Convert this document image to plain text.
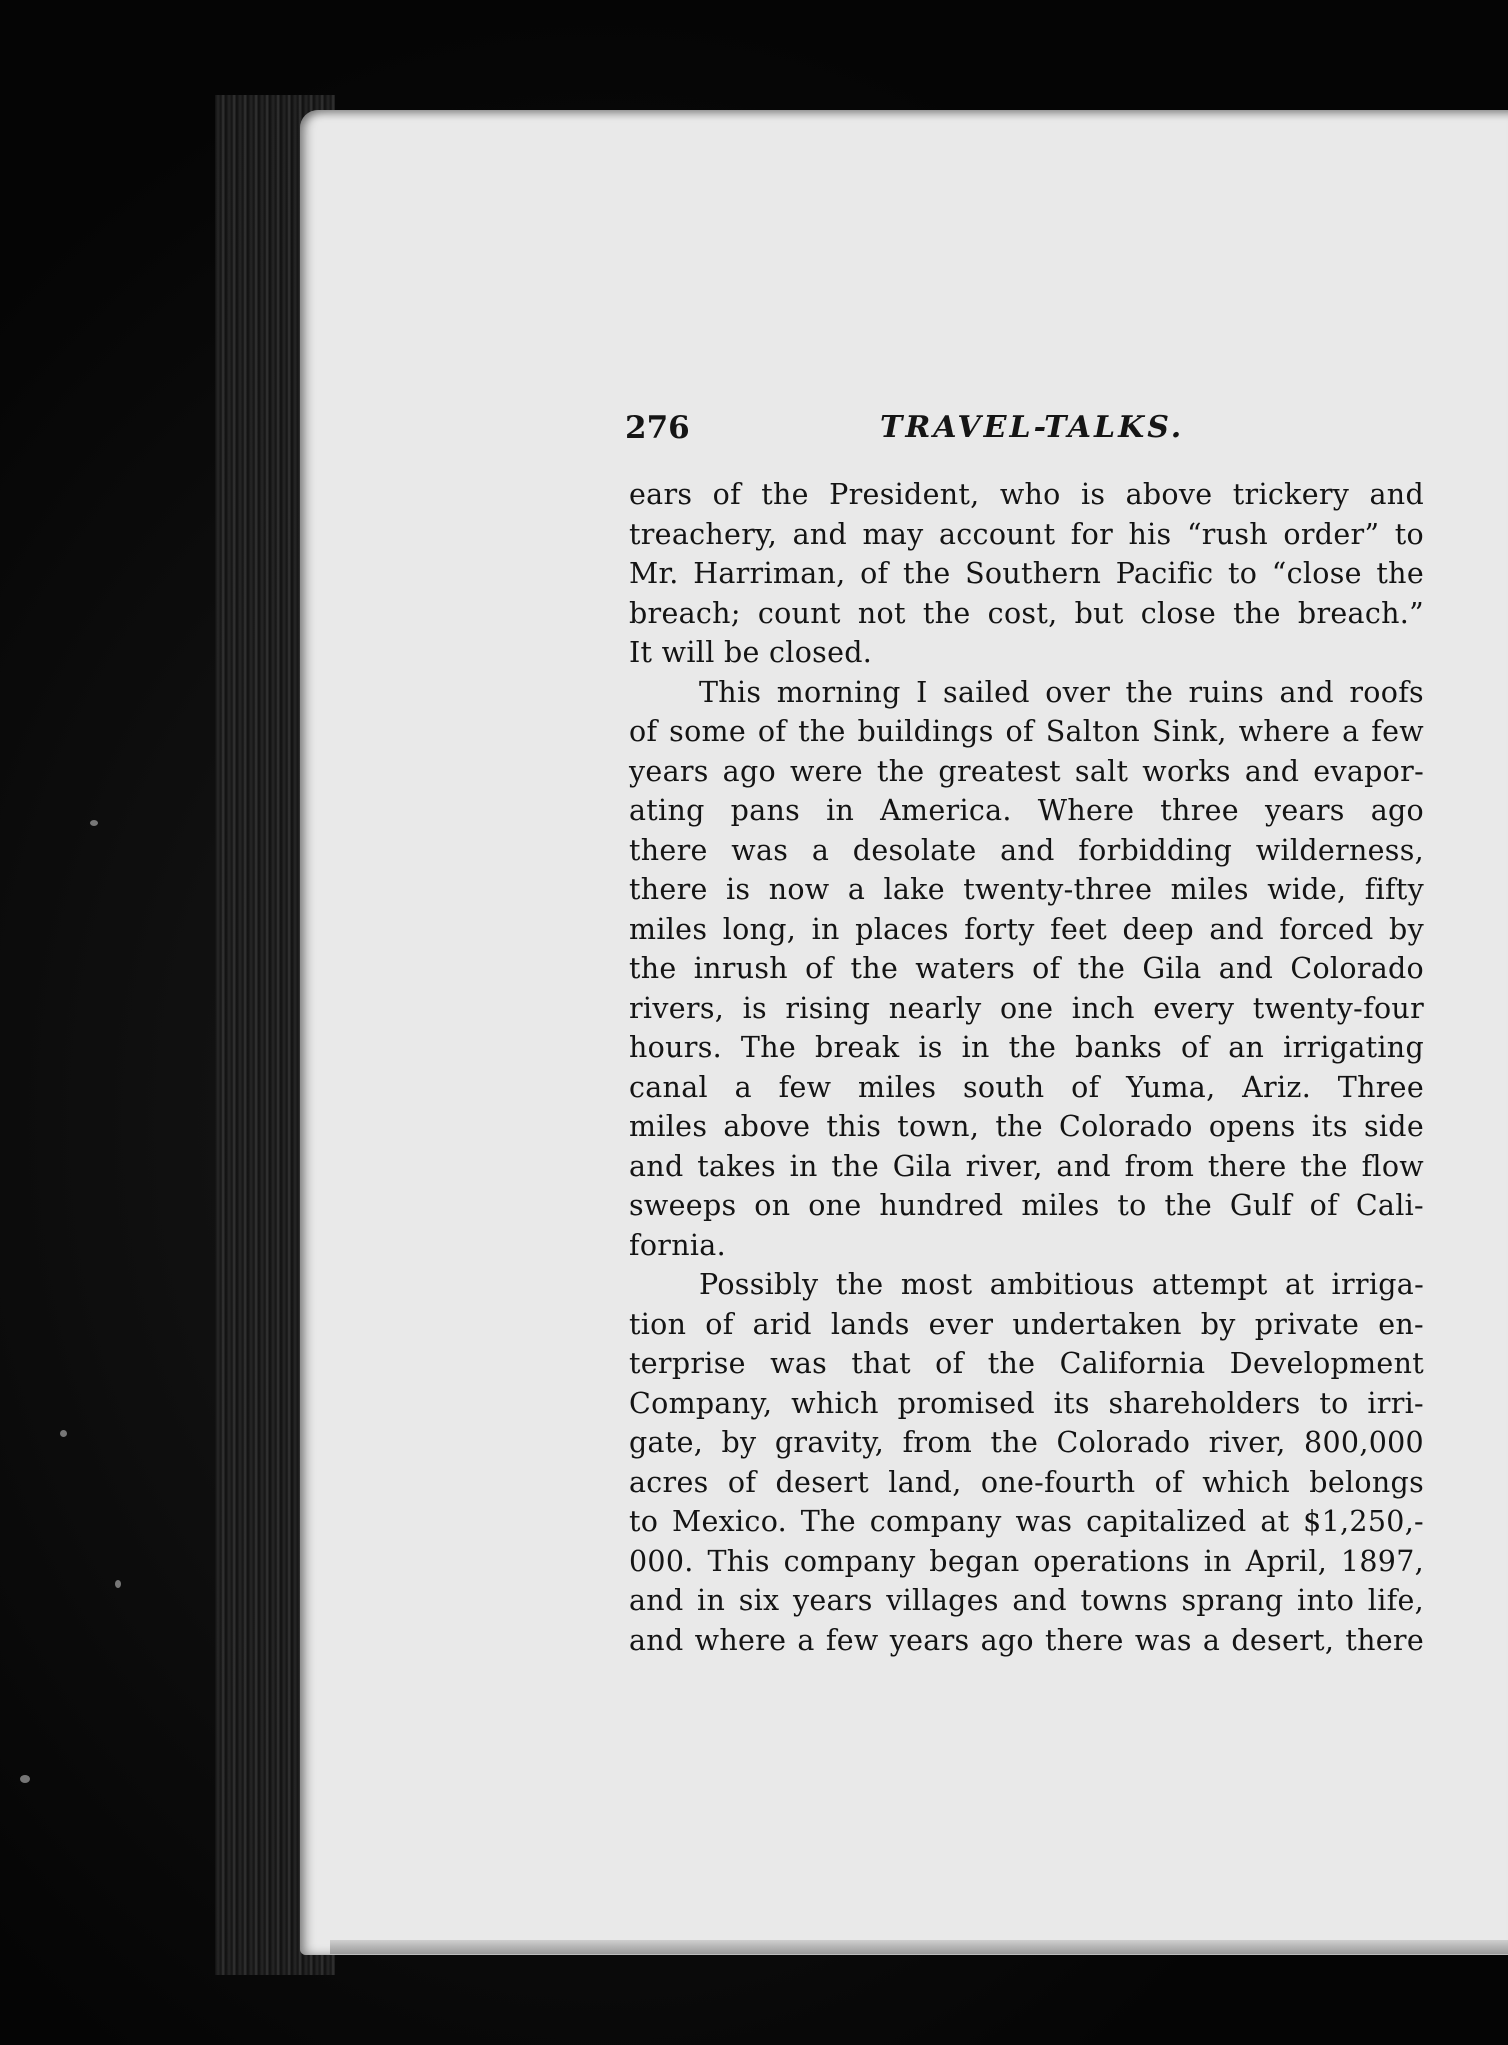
276	TRAVEL-TALKS.
ears of the President, who is above trickery and
treachery, and may account for his “rush order” to
Mr. Harriman, of the Southern Pacific to “close the
breach; count not the cost, but close the breach.”
It will be closed.
This morning I sailed over the ruins and roofs
of some of the buildings of Salton Sink, where a few
years ago were the greatest salt works and evapor-
ating pans in America. Where three years ago
there was a desolate and forbidding wilderness,
there is now a lake twenty-three miles wide, fifty
miles long, in places forty feet deep and forced by
the inrush of the waters of the Gila and Colorado
rivers, is rising nearly one inch every twenty-four
hours. The break is in the banks of an irrigating
canal a few miles south of Yuma, Ariz. Three
miles above this town, the Colorado opens its side
and takes in the Gila river, and from there the flow
sweeps on one hundred miles to the Gulf of Cali-
fornia.
Possibly the most ambitious attempt at irriga-
tion of arid lands ever undertaken by private en-
terprise was that of the California Development
Company, which promised its shareholders to irri-
gate, by gravity, from the Colorado river, 800,000
acres of desert land, one-fourth of which belongs
to Mexico. The company was capitalized at $1,250,-
000. This company began operations in April, 1897,
and in six years villages and towns sprang into life,
and where a few years ago there was a desert, there
